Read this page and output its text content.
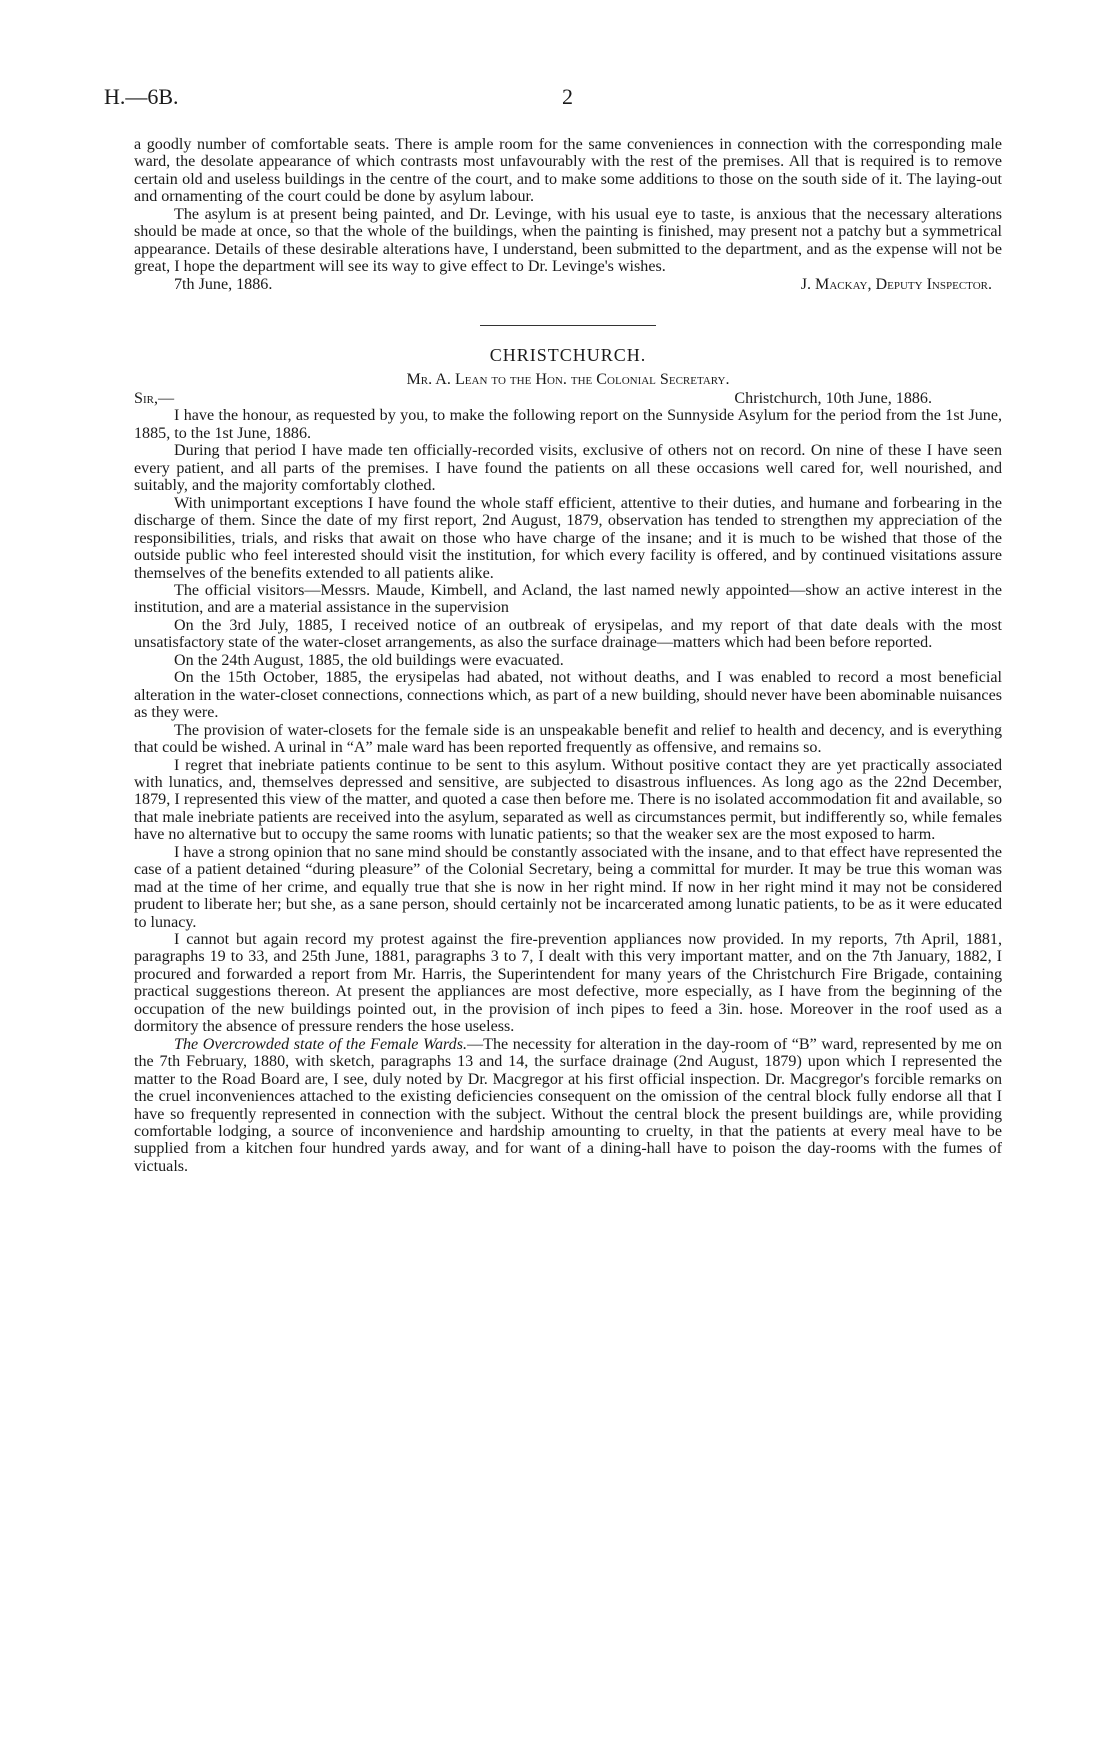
H.—6B.	2

a goodly number of comfortable seats. There is ample room for the same conveniences in connection with the corresponding male ward, the desolate appearance of which contrasts most unfavourably with the rest of the premises. All that is required is to remove certain old and useless buildings in the centre of the court, and to make some additions to those on the south side of it. The laying-out and ornamenting of the court could be done by asylum labour.

The asylum is at present being painted, and Dr. Levinge, with his usual eye to taste, is anxious that the necessary alterations should be made at once, so that the whole of the buildings, when the painting is finished, may present not a patchy but a symmetrical appearance. Details of these desirable alterations have, I understand, been submitted to the department, and as the expense will not be great, I hope the department will see its way to give effect to Dr. Levinge's wishes.

7th June, 1886.	J. Mackay, Deputy Inspector.
CHRISTCHURCH.
Mr. A. Lean to the Hon. the Colonial Secretary.
Sir,—	Christchurch, 10th June, 1886.

I have the honour, as requested by you, to make the following report on the Sunnyside Asylum for the period from the 1st June, 1885, to the 1st June, 1886.

During that period I have made ten officially-recorded visits, exclusive of others not on record. On nine of these I have seen every patient, and all parts of the premises. I have found the patients on all these occasions well cared for, well nourished, and suitably, and the majority comfortably clothed.

With unimportant exceptions I have found the whole staff efficient, attentive to their duties, and humane and forbearing in the discharge of them. Since the date of my first report, 2nd August, 1879, observation has tended to strengthen my appreciation of the responsibilities, trials, and risks that await on those who have charge of the insane; and it is much to be wished that those of the outside public who feel interested should visit the institution, for which every facility is offered, and by continued visitations assure themselves of the benefits extended to all patients alike.

The official visitors—Messrs. Maude, Kimbell, and Acland, the last named newly appointed—show an active interest in the institution, and are a material assistance in the supervision

On the 3rd July, 1885, I received notice of an outbreak of erysipelas, and my report of that date deals with the most unsatisfactory state of the water-closet arrangements, as also the surface drainage—matters which had been before reported.

On the 24th August, 1885, the old buildings were evacuated.

On the 15th October, 1885, the erysipelas had abated, not without deaths, and I was enabled to record a most beneficial alteration in the water-closet connections, connections which, as part of a new building, should never have been abominable nuisances as they were.

The provision of water-closets for the female side is an unspeakable benefit and relief to health and decency, and is everything that could be wished. A urinal in “A” male ward has been reported frequently as offensive, and remains so.

I regret that inebriate patients continue to be sent to this asylum. Without positive contact they are yet practically associated with lunatics, and, themselves depressed and sensitive, are subjected to disastrous influences. As long ago as the 22nd December, 1879, I represented this view of the matter, and quoted a case then before me. There is no isolated accommodation fit and available, so that male inebriate patients are received into the asylum, separated as well as circumstances permit, but indifferently so, while females have no alternative but to occupy the same rooms with lunatic patients; so that the weaker sex are the most exposed to harm.

I have a strong opinion that no sane mind should be constantly associated with the insane, and to that effect have represented the case of a patient detained “during pleasure” of the Colonial Secretary, being a committal for murder. It may be true this woman was mad at the time of her crime, and equally true that she is now in her right mind. If now in her right mind it may not be considered prudent to liberate her; but she, as a sane person, should certainly not be incarcerated among lunatic patients, to be as it were educated to lunacy.

I cannot but again record my protest against the fire-prevention appliances now provided. In my reports, 7th April, 1881, paragraphs 19 to 33, and 25th June, 1881, paragraphs 3 to 7, I dealt with this very important matter, and on the 7th January, 1882, I procured and forwarded a report from Mr. Harris, the Superintendent for many years of the Christchurch Fire Brigade, containing practical suggestions thereon. At present the appliances are most defective, more especially, as I have from the beginning of the occupation of the new buildings pointed out, in the provision of inch pipes to feed a 3in. hose. Moreover in the roof used as a dormitory the absence of pressure renders the hose useless.

The Overcrowded state of the Female Wards.—The necessity for alteration in the day-room of “B” ward, represented by me on the 7th February, 1880, with sketch, paragraphs 13 and 14, the surface drainage (2nd August, 1879) upon which I represented the matter to the Road Board are, I see, duly noted by Dr. Macgregor at his first official inspection. Dr. Macgregor's forcible remarks on the cruel inconveniences attached to the existing deficiencies consequent on the omission of the central block fully endorse all that I have so frequently represented in connection with the subject. Without the central block the present buildings are, while providing comfortable lodging, a source of inconvenience and hardship amounting to cruelty, in that the patients at every meal have to be supplied from a kitchen four hundred yards away, and for want of a dining-hall have to poison the day-rooms with the fumes of victuals.
